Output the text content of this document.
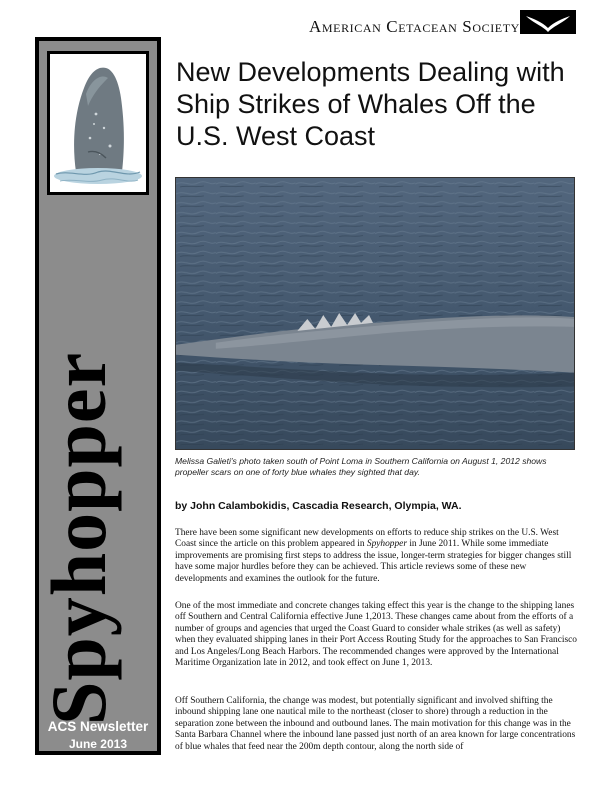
American Cetacean Society
Spyhopper
ACS Newsletter
June 2013
New Developments Dealing with Ship Strikes of Whales Off the U.S. West Coast
Melissa Galieti's photo taken south of Point Loma in Southern California on August 1, 2012 shows propeller scars on one of forty blue whales they sighted that day.
by John Calambokidis, Cascadia Research, Olympia, WA.

There have been some significant new developments on efforts to reduce ship strikes on the U.S. West Coast since the article on this problem appeared in Spyhopper in June 2011. While some immediate improvements are promising first steps to address the issue, longer-term strategies for bigger changes still have some major hurdles before they can be achieved. This article reviews some of these new developments and examines the outlook for the future.

One of the most immediate and concrete changes taking effect this year is the change to the shipping lanes off Southern and Central California effective June 1,2013. These changes came about from the efforts of a number of groups and agencies that urged the Coast Guard to consider whale strikes (as well as safety) when they evaluated shipping lanes in their Port Access Routing Study for the approaches to San Francisco and Los Angeles/Long Beach Harbors. The recommended changes were approved by the International Maritime Organization late in 2012, and took effect on June 1, 2013.

Off Southern California, the change was modest, but potentially significant and involved shifting the inbound shipping lane one nautical mile to the northeast (closer to shore) through a reduction in the separation zone between the inbound and outbound lanes. The main motivation for this change was in the Santa Barbara Channel where the inbound lane passed just north of an area known for large concentrations of blue whales that feed near the 200m depth contour, along the north side of
